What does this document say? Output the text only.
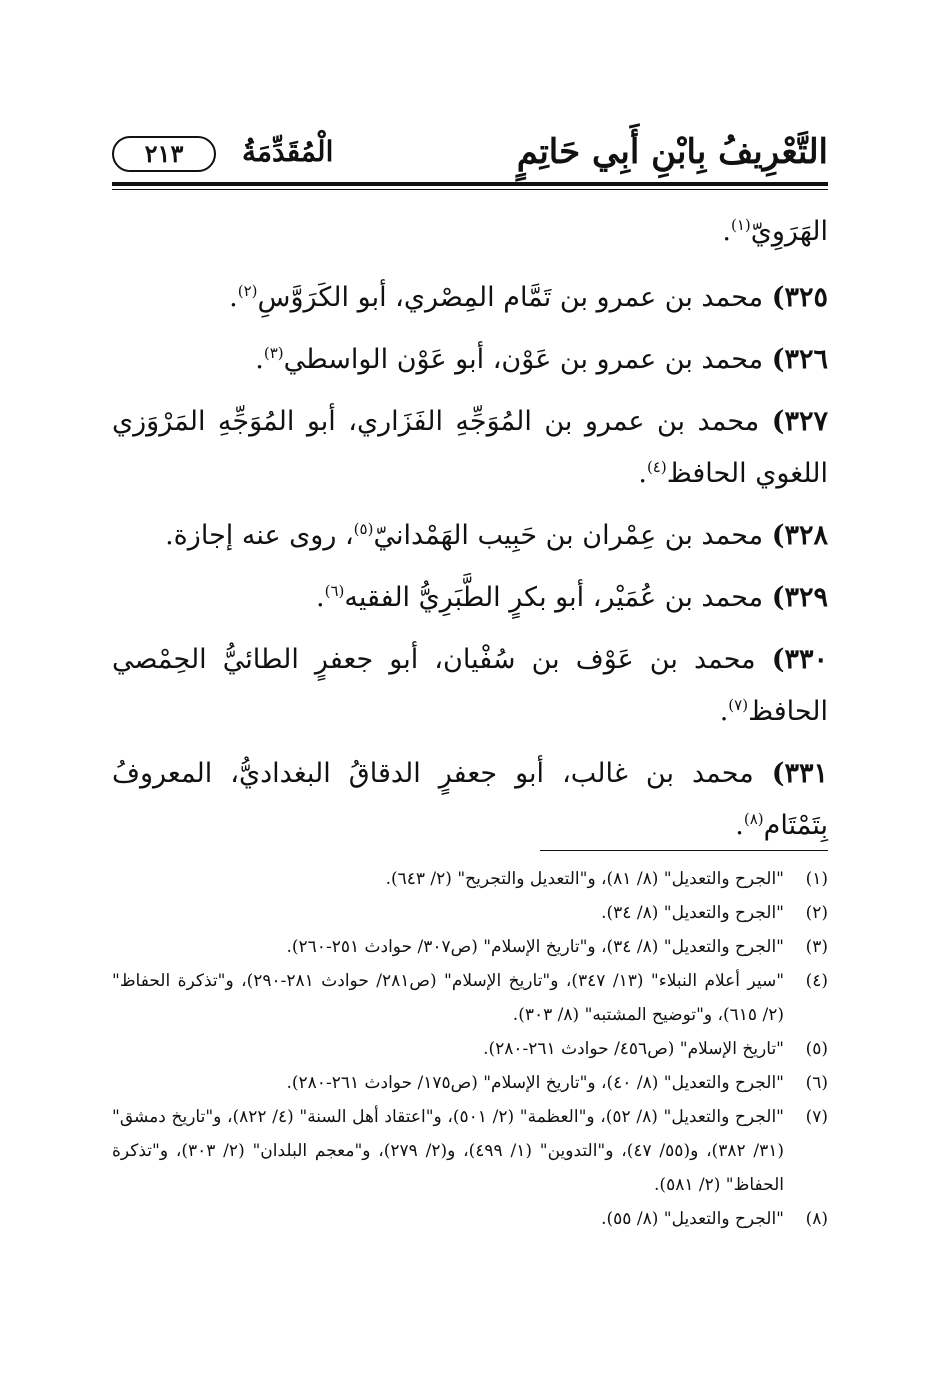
التَّعْرِيفُ بِابْنِ أَبِي حَاتِمٍ
الْمُقَدِّمَةُ
٢١٣

الهَرَوِيّ$^{(١)}$.

٣٢٥) محمد بن عمرو بن تَمَّام المِصْري، أبو الكَرَوَّسِ$^{(٢)}$.

٣٢٦) محمد بن عمرو بن عَوْن، أبو عَوْن الواسطي$^{(٣)}$.

٣٢٧) محمد بن عمرو بن المُوَجِّهِ الفَزَاري، أبو المُوَجِّهِ المَرْوَزي اللغوي الحافظ$^{(٤)}$.

٣٢٨) محمد بن عِمْران بن حَبِيب الهَمْدانيّ$^{(٥)}$، روى عنه إجازة.

٣٢٩) محمد بن عُمَيْر، أبو بكرٍ الطَّبَرِيُّ الفقيه$^{(٦)}$.

٣٣٠) محمد بن عَوْف بن سُفْيان، أبو جعفرٍ الطائيُّ الحِمْصي الحافظ$^{(٧)}$.

٣٣١) محمد بن غالب، أبو جعفرٍ الدقاقُ البغداديُّ، المعروفُ بِتَمْتَام$^{(٨)}$.

(١)
"الجرح والتعديل" (٨/ ٨١)، و"التعديل والتجريح" (٢/ ٦٤٣).
(٢)
"الجرح والتعديل" (٨/ ٣٤).
(٣)
"الجرح والتعديل" (٨/ ٣٤)، و"تاريخ الإسلام" (ص٣٠٧/ حوادث ٢٥١-٢٦٠).
(٤)
"سير أعلام النبلاء" (١٣/ ٣٤٧)، و"تاريخ الإسلام" (ص٢٨١/ حوادث ٢٨١-٢٩٠)، و"تذكرة الحفاظ" (٢/ ٦١٥)، و"توضيح المشتبه" (٨/ ٣٠٣).
(٥)
"تاريخ الإسلام" (ص٤٥٦/ حوادث ٢٦١-٢٨٠).
(٦)
"الجرح والتعديل" (٨/ ٤٠)، و"تاريخ الإسلام" (ص١٧٥/ حوادث ٢٦١-٢٨٠).
(٧)
"الجرح والتعديل" (٨/ ٥٢)، و"العظمة" (٢/ ٥٠١)، و"اعتقاد أهل السنة" (٤/ ٨٢٢)، و"تاريخ دمشق" (٣١/ ٣٨٢)، و(٥٥/ ٤٧)، و"التدوين" (١/ ٤٩٩)، و(٢/ ٢٧٩)، و"معجم البلدان" (٢/ ٣٠٣)، و"تذكرة الحفاظ" (٢/ ٥٨١).
(٨)
"الجرح والتعديل" (٨/ ٥٥).
